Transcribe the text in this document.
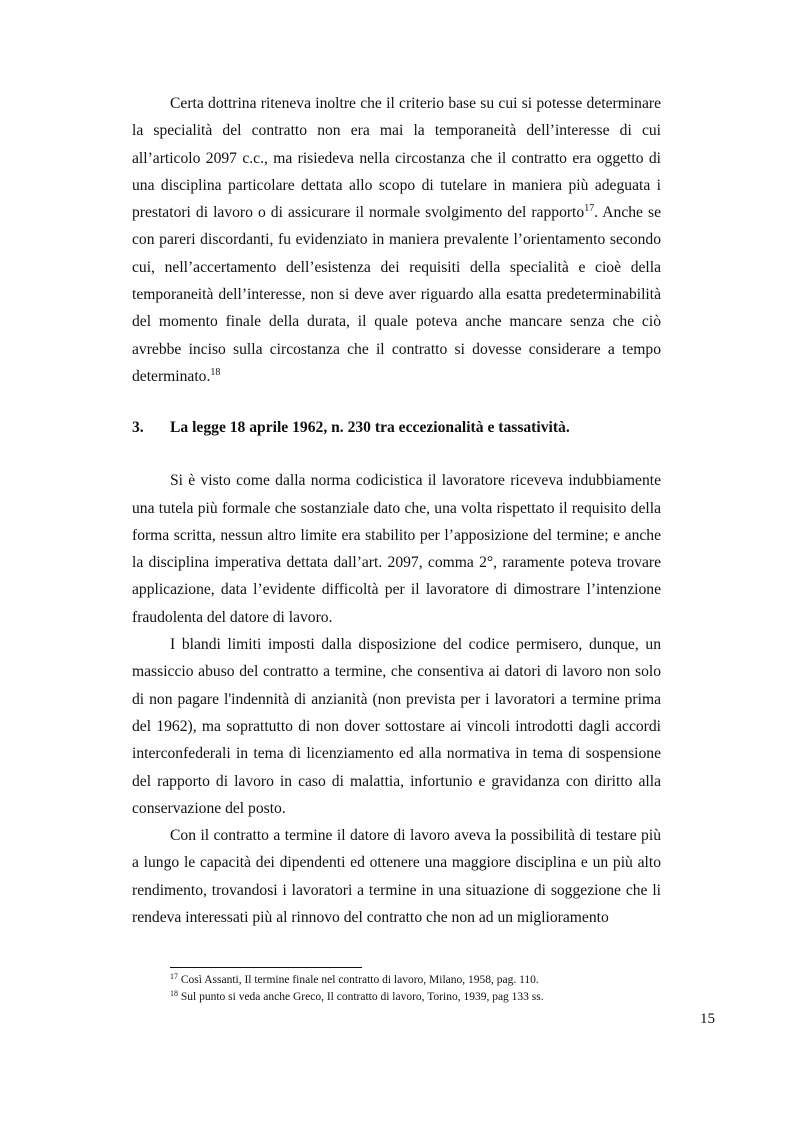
Certa dottrina riteneva inoltre che il criterio base su cui si potesse determinare la specialità del contratto non era mai la temporaneità dell’interesse di cui all’articolo 2097 c.c., ma risiedeva nella circostanza che il contratto era oggetto di una disciplina particolare dettata allo scopo di tutelare in maniera più adeguata i prestatori di lavoro o di assicurare il normale svolgimento del rapporto$^{17}$. Anche se con pareri discordanti, fu evidenziato in maniera prevalente l’orientamento secondo cui, nell’accertamento dell’esistenza dei requisiti della specialità e cioè della temporaneità dell’interesse, non si deve aver riguardo alla esatta predeterminabilità del momento finale della durata, il quale poteva anche mancare senza che ciò avrebbe inciso sulla circostanza che il contratto si dovesse considerare a tempo determinato.$^{18}$

3.	La legge 18 aprile 1962, n. 230 tra eccezionalità e tassatività.

Si è visto come dalla norma codicistica il lavoratore riceveva indubbiamente una tutela più formale che sostanziale dato che, una volta rispettato il requisito della forma scritta, nessun altro limite era stabilito per l’apposizione del termine; e anche la disciplina imperativa dettata dall’art. 2097, comma 2°, raramente poteva trovare applicazione, data l’evidente difficoltà per il lavoratore di dimostrare l’intenzione fraudolenta del datore di lavoro.

I blandi limiti imposti dalla disposizione del codice permisero, dunque, un massiccio abuso del contratto a termine, che consentiva ai datori di lavoro non solo di non pagare l'indennità di anzianità (non prevista per i lavoratori a termine prima del 1962), ma soprattutto di non dover sottostare ai vincoli introdotti dagli accordi interconfederali in tema di licenziamento ed alla normativa in tema di sospensione del rapporto di lavoro in caso di malattia, infortunio e gravidanza con diritto alla conservazione del posto.

Con il contratto a termine il datore di lavoro aveva la possibilità di testare più a lungo le capacità dei dipendenti ed ottenere una maggiore disciplina e un più alto rendimento, trovandosi i lavoratori a termine in una situazione di soggezione che li rendeva interessati più al rinnovo del contratto che non ad un miglioramento

$^{17}$ Così Assanti, Il termine finale nel contratto di lavoro, Milano, 1958, pag. 110.
$^{18}$ Sul punto si veda anche Greco, Il contratto di lavoro, Torino, 1939, pag 133 ss.
15
